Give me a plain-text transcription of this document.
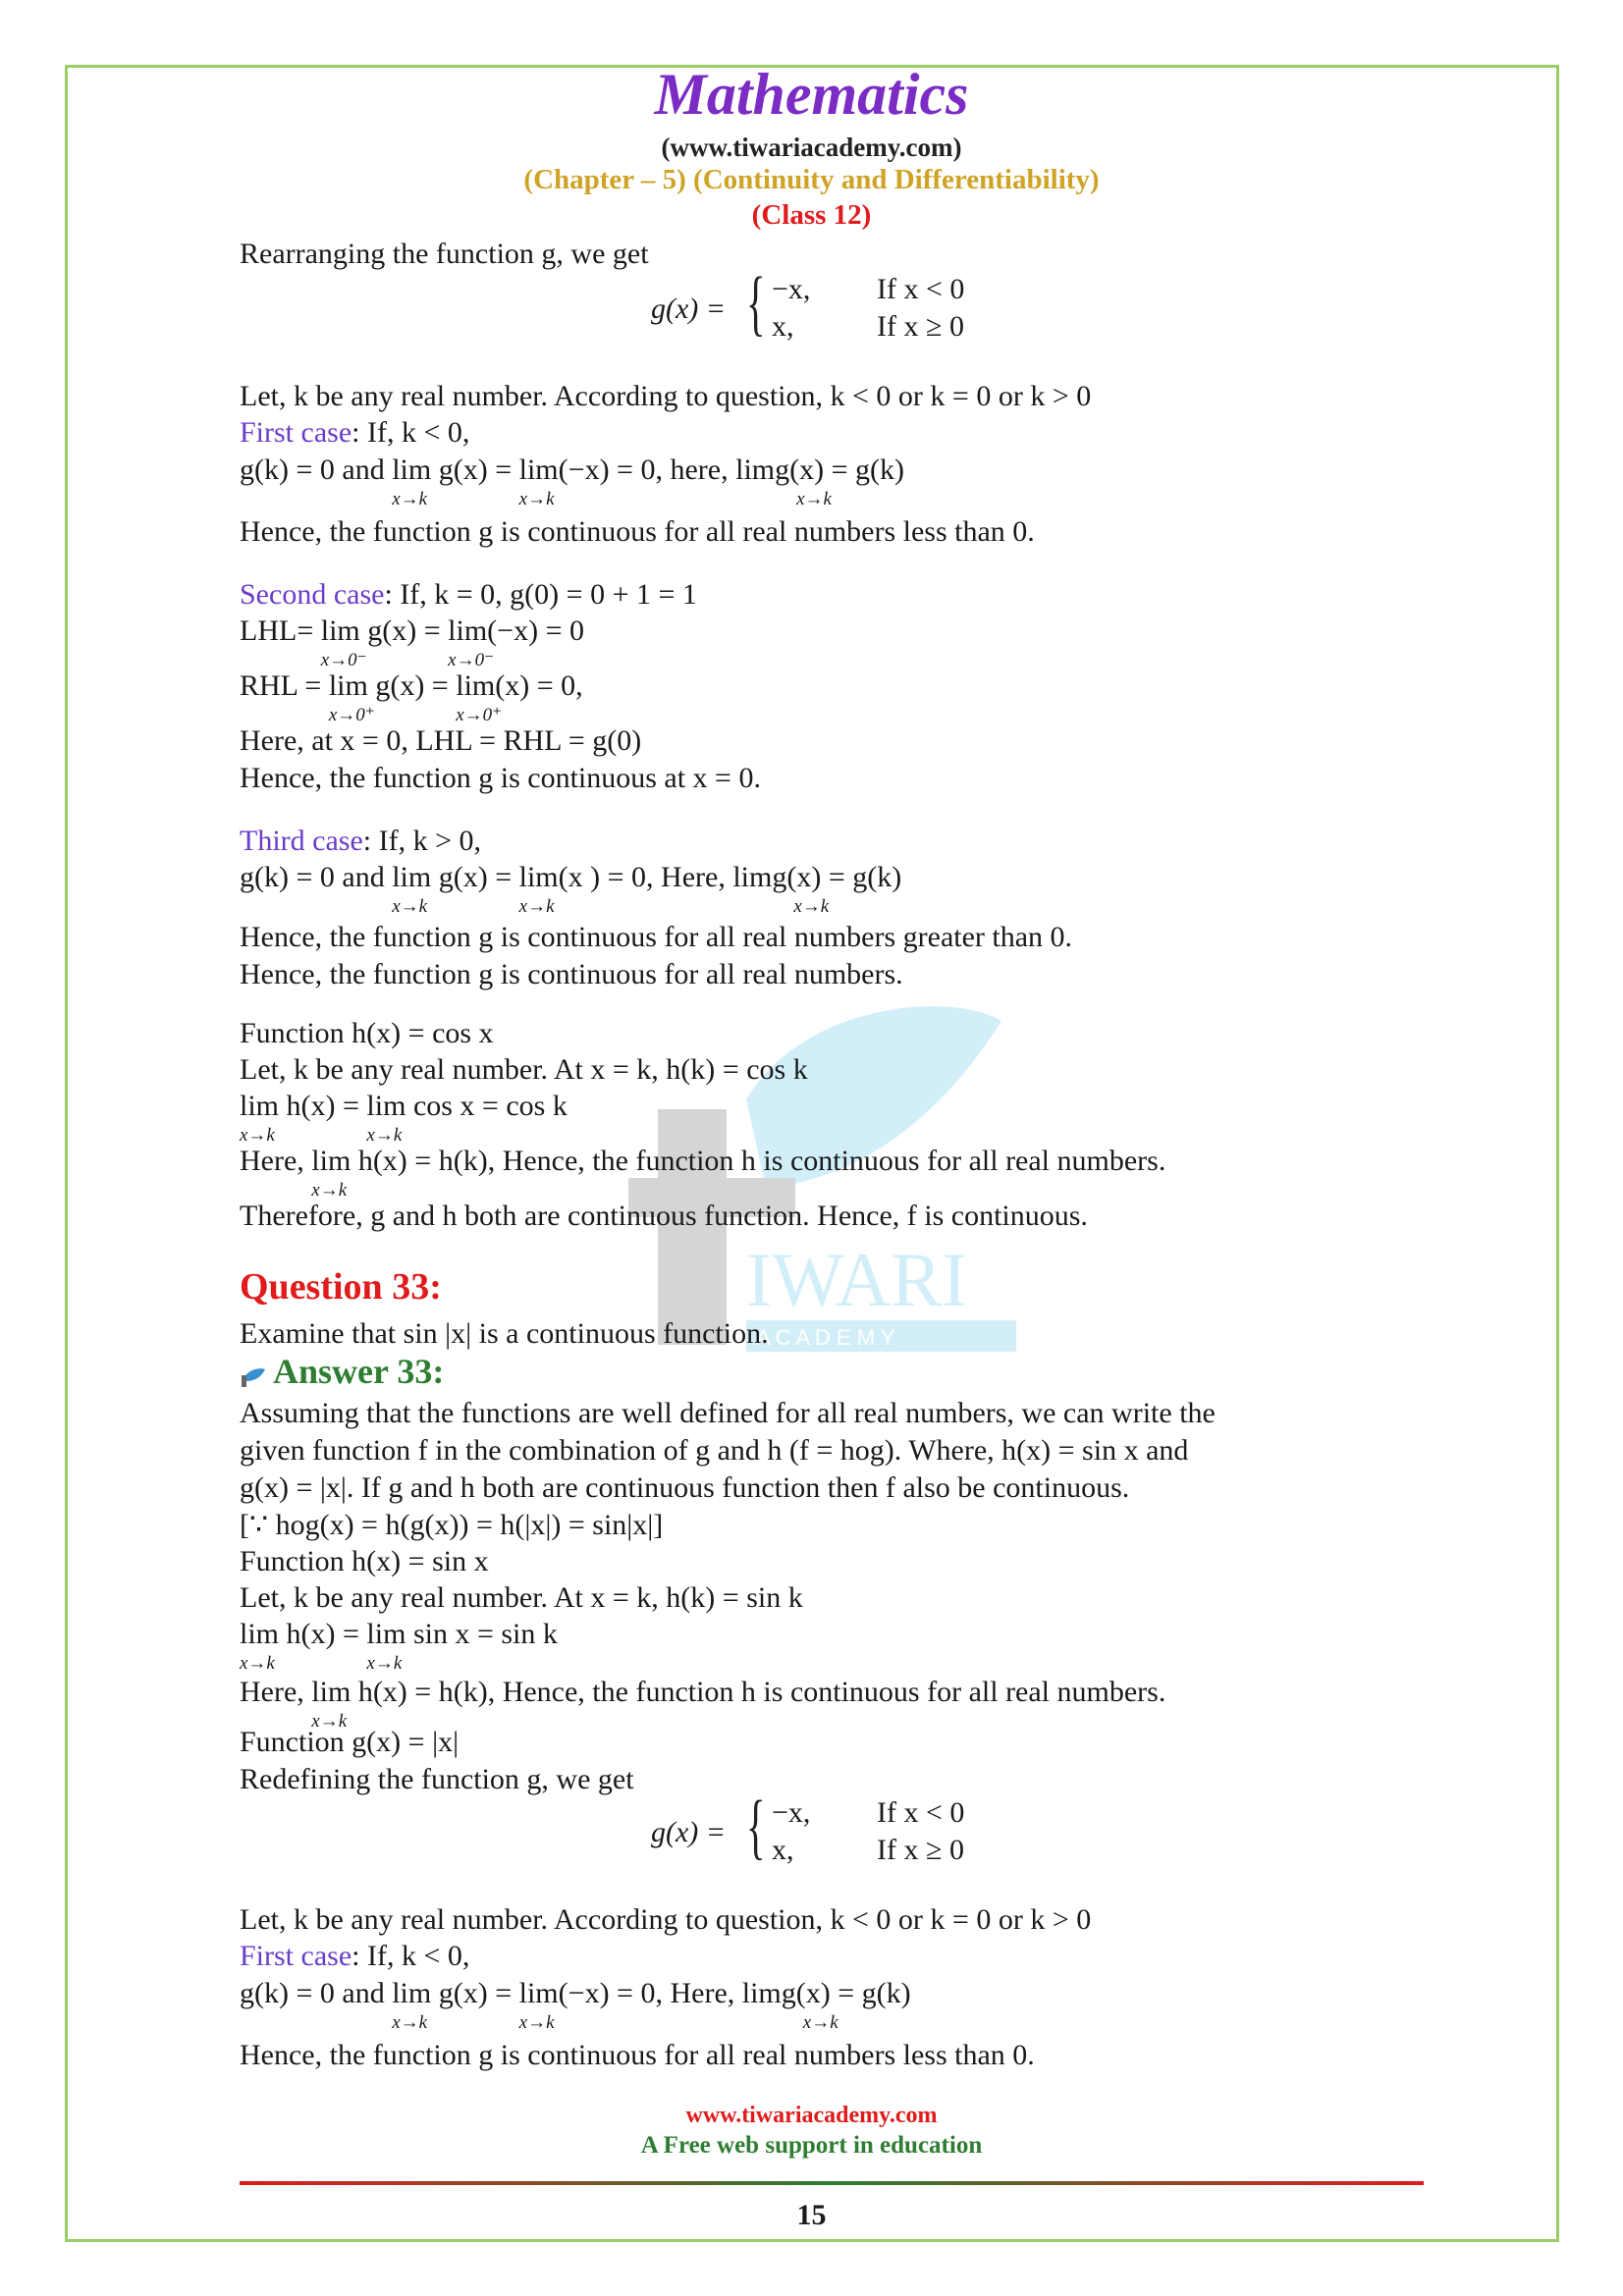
Mathematics
(www.tiwariacademy.com)
(Chapter – 5) (Continuity and Differentiability)
(Class 12)
IWARI
A C A D E M Y
Rearranging the function g, we get
g(x) = { −x, If x < 0
x,	If x ≥ 0
Let, k be any real number. According to question, k < 0 or k = 0 or k > 0
First case: If, k < 0,
g(k) = 0 and lim
x→k
g(x) = lim
x→k
(−x) = 0, here, lim
x→k
g(x) = g(k)
Hence, the function g is continuous for all real numbers less than 0.
Second case: If, k = 0, g(0) = 0 + 1 = 1
LHL= lim
x→0⁻
g(x) = lim
x→0⁻
(−x) = 0
RHL = lim
x→0⁺
g(x) = lim
x→0⁺
(x) = 0,
Here, at x = 0, LHL = RHL = g(0)
Hence, the function g is continuous at x = 0.
Third case: If, k > 0,
g(k) = 0 and lim
x→k
g(x) = lim
x→k
(x ) = 0, Here, lim
x→k
g(x) = g(k)
Hence, the function g is continuous for all real numbers greater than 0.
Hence, the function g is continuous for all real numbers.
Function h(x) = cos x
Let, k be any real number. At x = k, h(k) = cos k
lim
x→k
h(x) = lim
x→k
cos x = cos k
Here, lim
x→k
h(x) = h(k), Hence, the function h is continuous for all real numbers.
Therefore, g and h both are continuous function. Hence, f is continuous.
Question 33:
Examine that sin |x| is a continuous function.
Answer 33:
Assuming that the functions are well defined for all real numbers, we can write the
given function f in the combination of g and h (f = hog). Where, h(x) = sin x and
g(x) = |x|. If g and h both are continuous function then f also be continuous.
[∵ hog(x) = h(g(x)) = h(|x|) = sin|x|]
Function h(x) = sin x
Let, k be any real number. At x = k, h(k) = sin k
lim
x→k
h(x) = lim
x→k
sin x = sin k
Here, lim
x→k
h(x) = h(k), Hence, the function h is continuous for all real numbers.
Function g(x) = |x|
Redefining the function g, we get
g(x) = { −x, If x < 0
x,	If x ≥ 0
Let, k be any real number. According to question, k < 0 or k = 0 or k > 0
First case: If, k < 0,
g(k) = 0 and lim
x→k
g(x) = lim
x→k
(−x) = 0, Here, lim
x→k
g(x) = g(k)
Hence, the function g is continuous for all real numbers less than 0.
www.tiwariacademy.com
A Free web support in education
15
